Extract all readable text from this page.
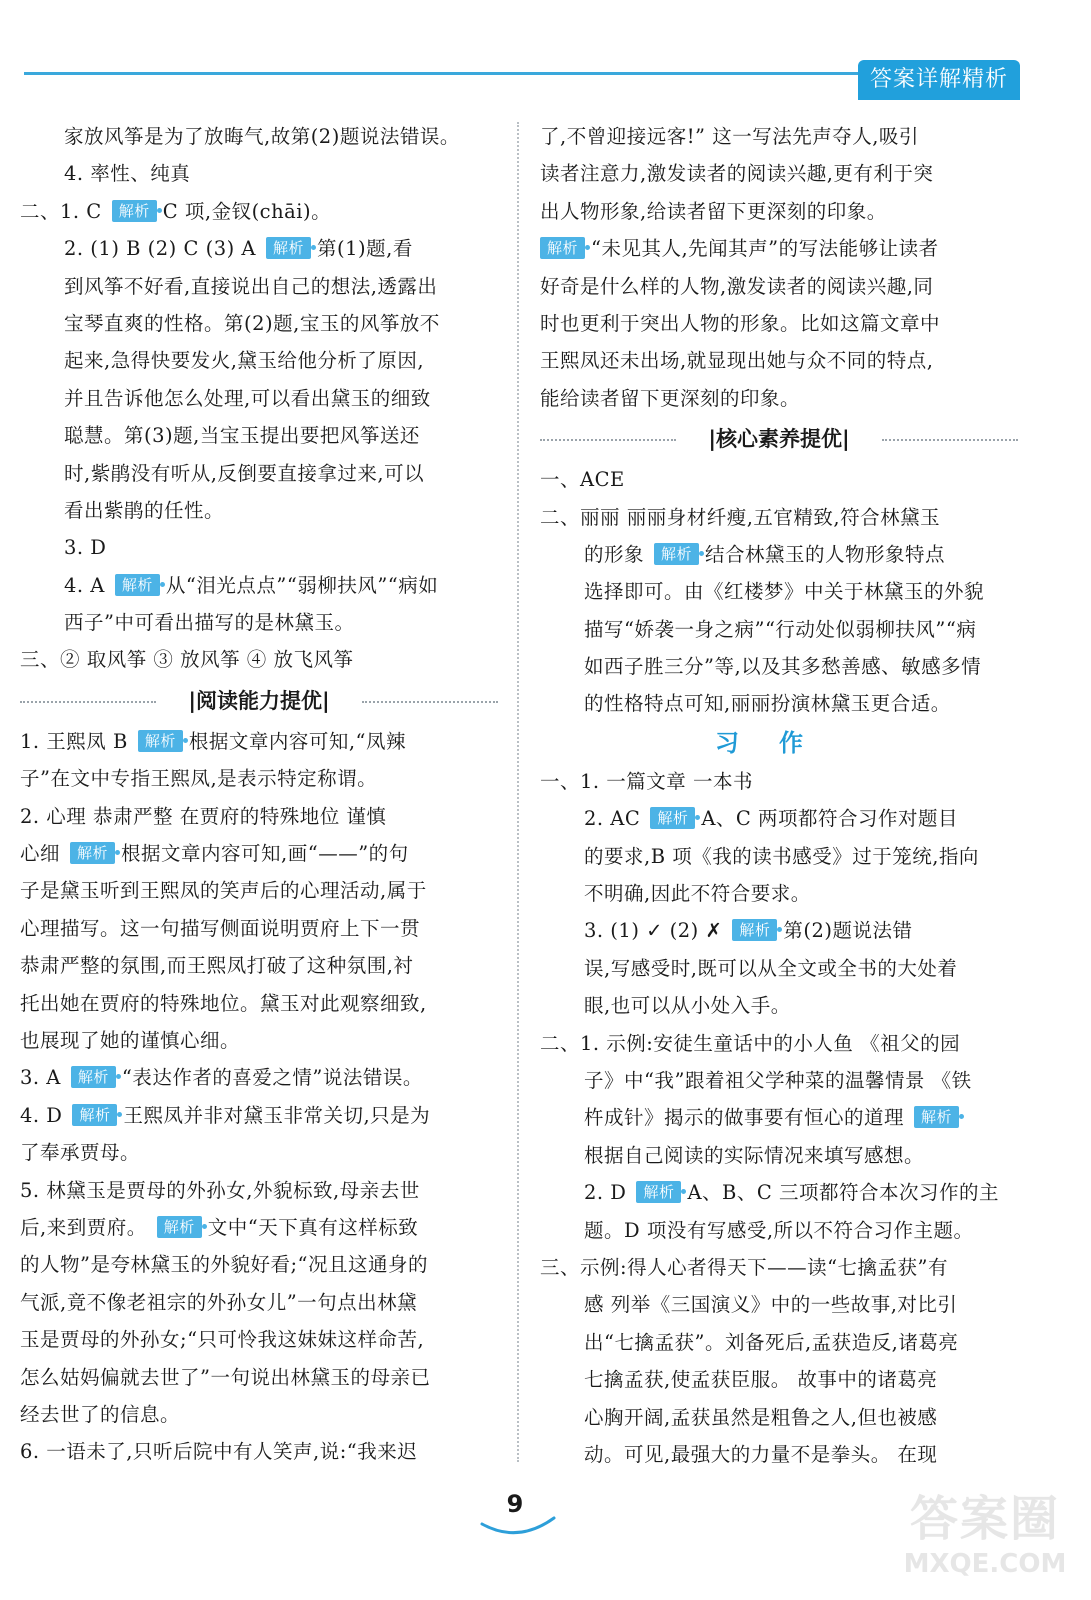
答案详解精析
家放风筝是为了放晦气,故第(2)题说法错误。
4. 率性、纯真
二、1. C 解析 C 项,金钗(chāi)。
2. (1) B (2) C (3) A 解析 第(1)题,看
到风筝不好看,直接说出自己的想法,透露出
宝琴直爽的性格。第(2)题,宝玉的风筝放不
起来,急得快要发火,黛玉给他分析了原因,
并且告诉他怎么处理,可以看出黛玉的细致
聪慧。第(3)题,当宝玉提出要把风筝送还
时,紫鹃没有听从,反倒要直接拿过来,可以
看出紫鹃的任性。
3. D
4. A 解析 从“泪光点点”“弱柳扶风”“病如
西子”中可看出描写的是林黛玉。
三、② 取风筝 ③ 放风筝 ④ 放飞风筝
|阅读能力提优|
1. 王熙凤 B 解析 根据文章内容可知,“凤辣
子”在文中专指王熙凤,是表示特定称谓。
2. 心理 恭肃严整 在贾府的特殊地位 谨慎
心细 解析 根据文章内容可知,画“——”的句
子是黛玉听到王熙凤的笑声后的心理活动,属于
心理描写。这一句描写侧面说明贾府上下一贯
恭肃严整的氛围,而王熙凤打破了这种氛围,衬
托出她在贾府的特殊地位。黛玉对此观察细致,
也展现了她的谨慎心细。
3. A 解析 “表达作者的喜爱之情”说法错误。
4. D 解析 王熙凤并非对黛玉非常关切,只是为
了奉承贾母。
5. 林黛玉是贾母的外孙女,外貌标致,母亲去世
后,来到贾府。 解析 文中“天下真有这样标致
的人物”是夸林黛玉的外貌好看;“况且这通身的
气派,竟不像老祖宗的外孙女儿”一句点出林黛
玉是贾母的外孙女;“只可怜我这妹妹这样命苦,
怎么姑妈偏就去世了”一句说出林黛玉的母亲已
经去世了的信息。
6. 一语未了,只听后院中有人笑声,说:“我来迟
了,不曾迎接远客!” 这一写法先声夺人,吸引
读者注意力,激发读者的阅读兴趣,更有利于突
出人物形象,给读者留下更深刻的印象。
解析 “未见其人,先闻其声”的写法能够让读者
好奇是什么样的人物,激发读者的阅读兴趣,同
时也更利于突出人物的形象。比如这篇文章中
王熙凤还未出场,就显现出她与众不同的特点,
能给读者留下更深刻的印象。
|核心素养提优|
一、ACE
二、丽丽 丽丽身材纤瘦,五官精致,符合林黛玉
的形象 解析 结合林黛玉的人物形象特点
选择即可。由《红楼梦》中关于林黛玉的外貌
描写“娇袭一身之病”“行动处似弱柳扶风”“病
如西子胜三分”等,以及其多愁善感、敏感多情
的性格特点可知,丽丽扮演林黛玉更合适。
习作
一、1. 一篇文章 一本书
2. AC 解析 A、C 两项都符合习作对题目
的要求,B 项《我的读书感受》过于笼统,指向
不明确,因此不符合要求。
3. (1) ✓ (2) ✗ 解析 第(2)题说法错
误,写感受时,既可以从全文或全书的大处着
眼,也可以从小处入手。
二、1. 示例:安徒生童话中的小人鱼 《祖父的园
子》中“我”跟着祖父学种菜的温馨情景 《铁
杵成针》揭示的做事要有恒心的道理 解析
根据自己阅读的实际情况来填写感想。
2. D 解析 A、B、C 三项都符合本次习作的主
题。D 项没有写感受,所以不符合习作主题。
三、示例:得人心者得天下——读“七擒孟获”有
感 列举《三国演义》中的一些故事,对比引
出“七擒孟获”。刘备死后,孟获造反,诸葛亮
七擒孟获,使孟获臣服。 故事中的诸葛亮
心胸开阔,孟获虽然是粗鲁之人,但也被感
动。可见,最强大的力量不是拳头。 在现
9	答案圈
MXQE.COM
